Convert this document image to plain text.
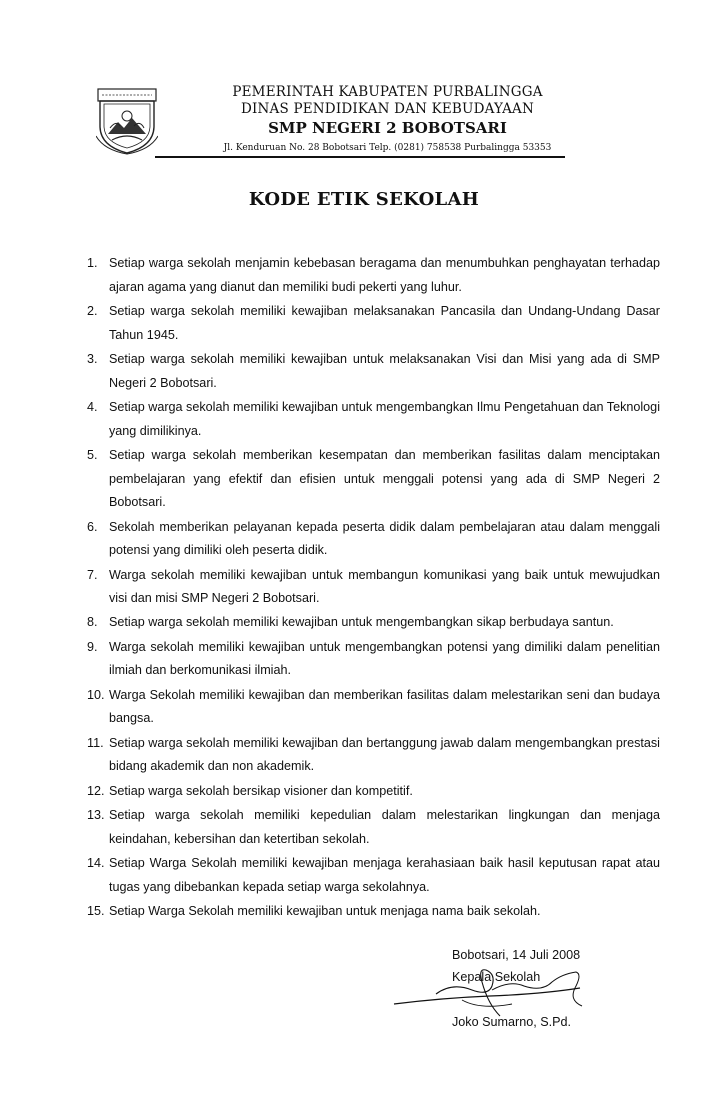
PEMERINTAH KABUPATEN PURBALINGGA
DINAS PENDIDIKAN DAN KEBUDAYAAN
SMP NEGERI 2 BOBOTSARI
Jl. Kenduruan No. 28 Bobotsari Telp. (0281) 758538 Purbalingga 53353
KODE ETIK SEKOLAH
1. Setiap warga sekolah menjamin kebebasan beragama dan menumbuhkan penghayatan terhadap ajaran agama yang dianut dan memiliki budi pekerti yang luhur.
2. Setiap warga sekolah memiliki kewajiban melaksanakan Pancasila dan Undang-Undang Dasar Tahun 1945.
3. Setiap warga sekolah memiliki kewajiban untuk melaksanakan Visi dan Misi yang ada di SMP Negeri 2 Bobotsari.
4. Setiap warga sekolah memiliki kewajiban untuk mengembangkan Ilmu Pengetahuan dan Teknologi yang dimilikinya.
5. Setiap warga sekolah memberikan kesempatan dan memberikan fasilitas dalam menciptakan pembelajaran yang efektif dan efisien untuk menggali potensi yang ada di SMP Negeri 2 Bobotsari.
6. Sekolah memberikan pelayanan kepada peserta didik dalam pembelajaran atau dalam menggali potensi yang dimiliki oleh peserta didik.
7. Warga sekolah memiliki kewajiban untuk membangun komunikasi yang baik untuk mewujudkan visi dan misi SMP Negeri 2 Bobotsari.
8. Setiap warga sekolah memiliki kewajiban untuk mengembangkan sikap berbudaya santun.
9. Warga sekolah memiliki kewajiban untuk mengembangkan potensi yang dimiliki dalam penelitian ilmiah dan berkomunikasi ilmiah.
10. Warga Sekolah memiliki kewajiban dan memberikan fasilitas dalam melestarikan seni dan budaya bangsa.
11. Setiap warga sekolah memiliki kewajiban dan bertanggung jawab dalam mengembangkan prestasi bidang akademik dan non akademik.
12. Setiap warga sekolah bersikap visioner dan kompetitif.
13. Setiap warga sekolah memiliki kepedulian dalam melestarikan lingkungan dan menjaga keindahan, kebersihan dan ketertiban sekolah.
14. Setiap Warga Sekolah memiliki kewajiban menjaga kerahasiaan baik hasil keputusan rapat atau tugas yang dibebankan kepada setiap warga sekolahnya.
15. Setiap Warga Sekolah memiliki kewajiban untuk menjaga nama baik sekolah.
Bobotsari, 14 Juli 2008
Kepala Sekolah
Joko Sumarno, S.Pd.
